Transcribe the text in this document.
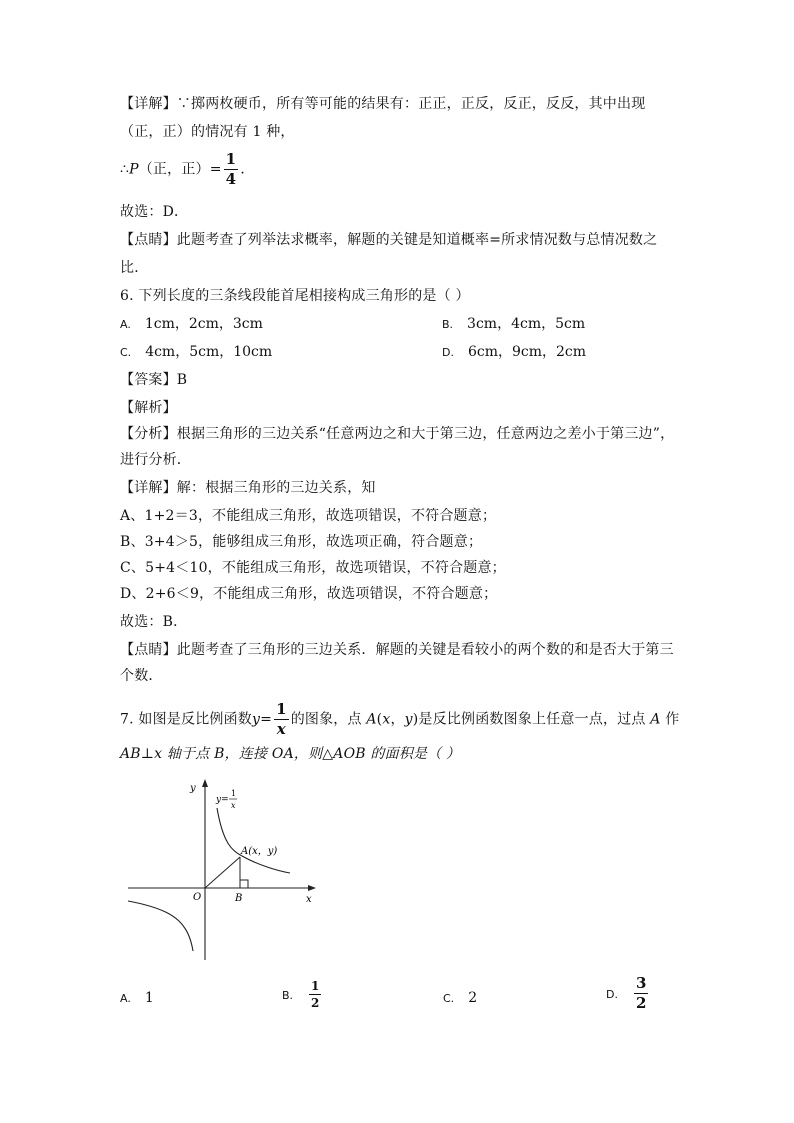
【详解】∵掷两枚硬币，所有等可能的结果有：正正，正反，反正，反反，其中出现
（正，正）的情况有 1 种，
∴P（正，正）= $\frac{1}{4}$ ．
故选：D．
【点睛】此题考查了列举法求概率，解题的关键是知道概率=所求情况数与总情况数之
比．
6. 下列长度的三条线段能首尾相接构成三角形的是（ ）
A. 1cm，2cm，3cm	B. 3cm，4cm，5cm
C. 4cm，5cm，10cm	D. 6cm，9cm，2cm
【答案】B
【解析】
【分析】根据三角形的三边关系“任意两边之和大于第三边，任意两边之差小于第三边”，
进行分析．
【详解】解：根据三角形的三边关系，知
A、1+2＝3，不能组成三角形，故选项错误，不符合题意；
B、3+4＞5，能够组成三角形，故选项正确，符合题意；
C、5+4＜10，不能组成三角形，故选项错误，不符合题意；
D、2+6＜9，不能组成三角形，故选项错误，不符合题意；
故选：B．
【点睛】此题考查了三角形的三边关系．解题的关键是看较小的两个数的和是否大于第三
个数．
7. 如图是反比例函数$y= \frac{1}{x}$ 的图象，点 A(x，y)是反比例函数图象上任意一点，过点 A 作
AB⊥x 轴于点 B，连接 OA，则△AOB 的面积是（ ）
y
x
O
y=
1
x
A(x，y)
B
A. 1	B. $\frac{1}{2}$	C. 2	D. $\frac{3}{2}$
